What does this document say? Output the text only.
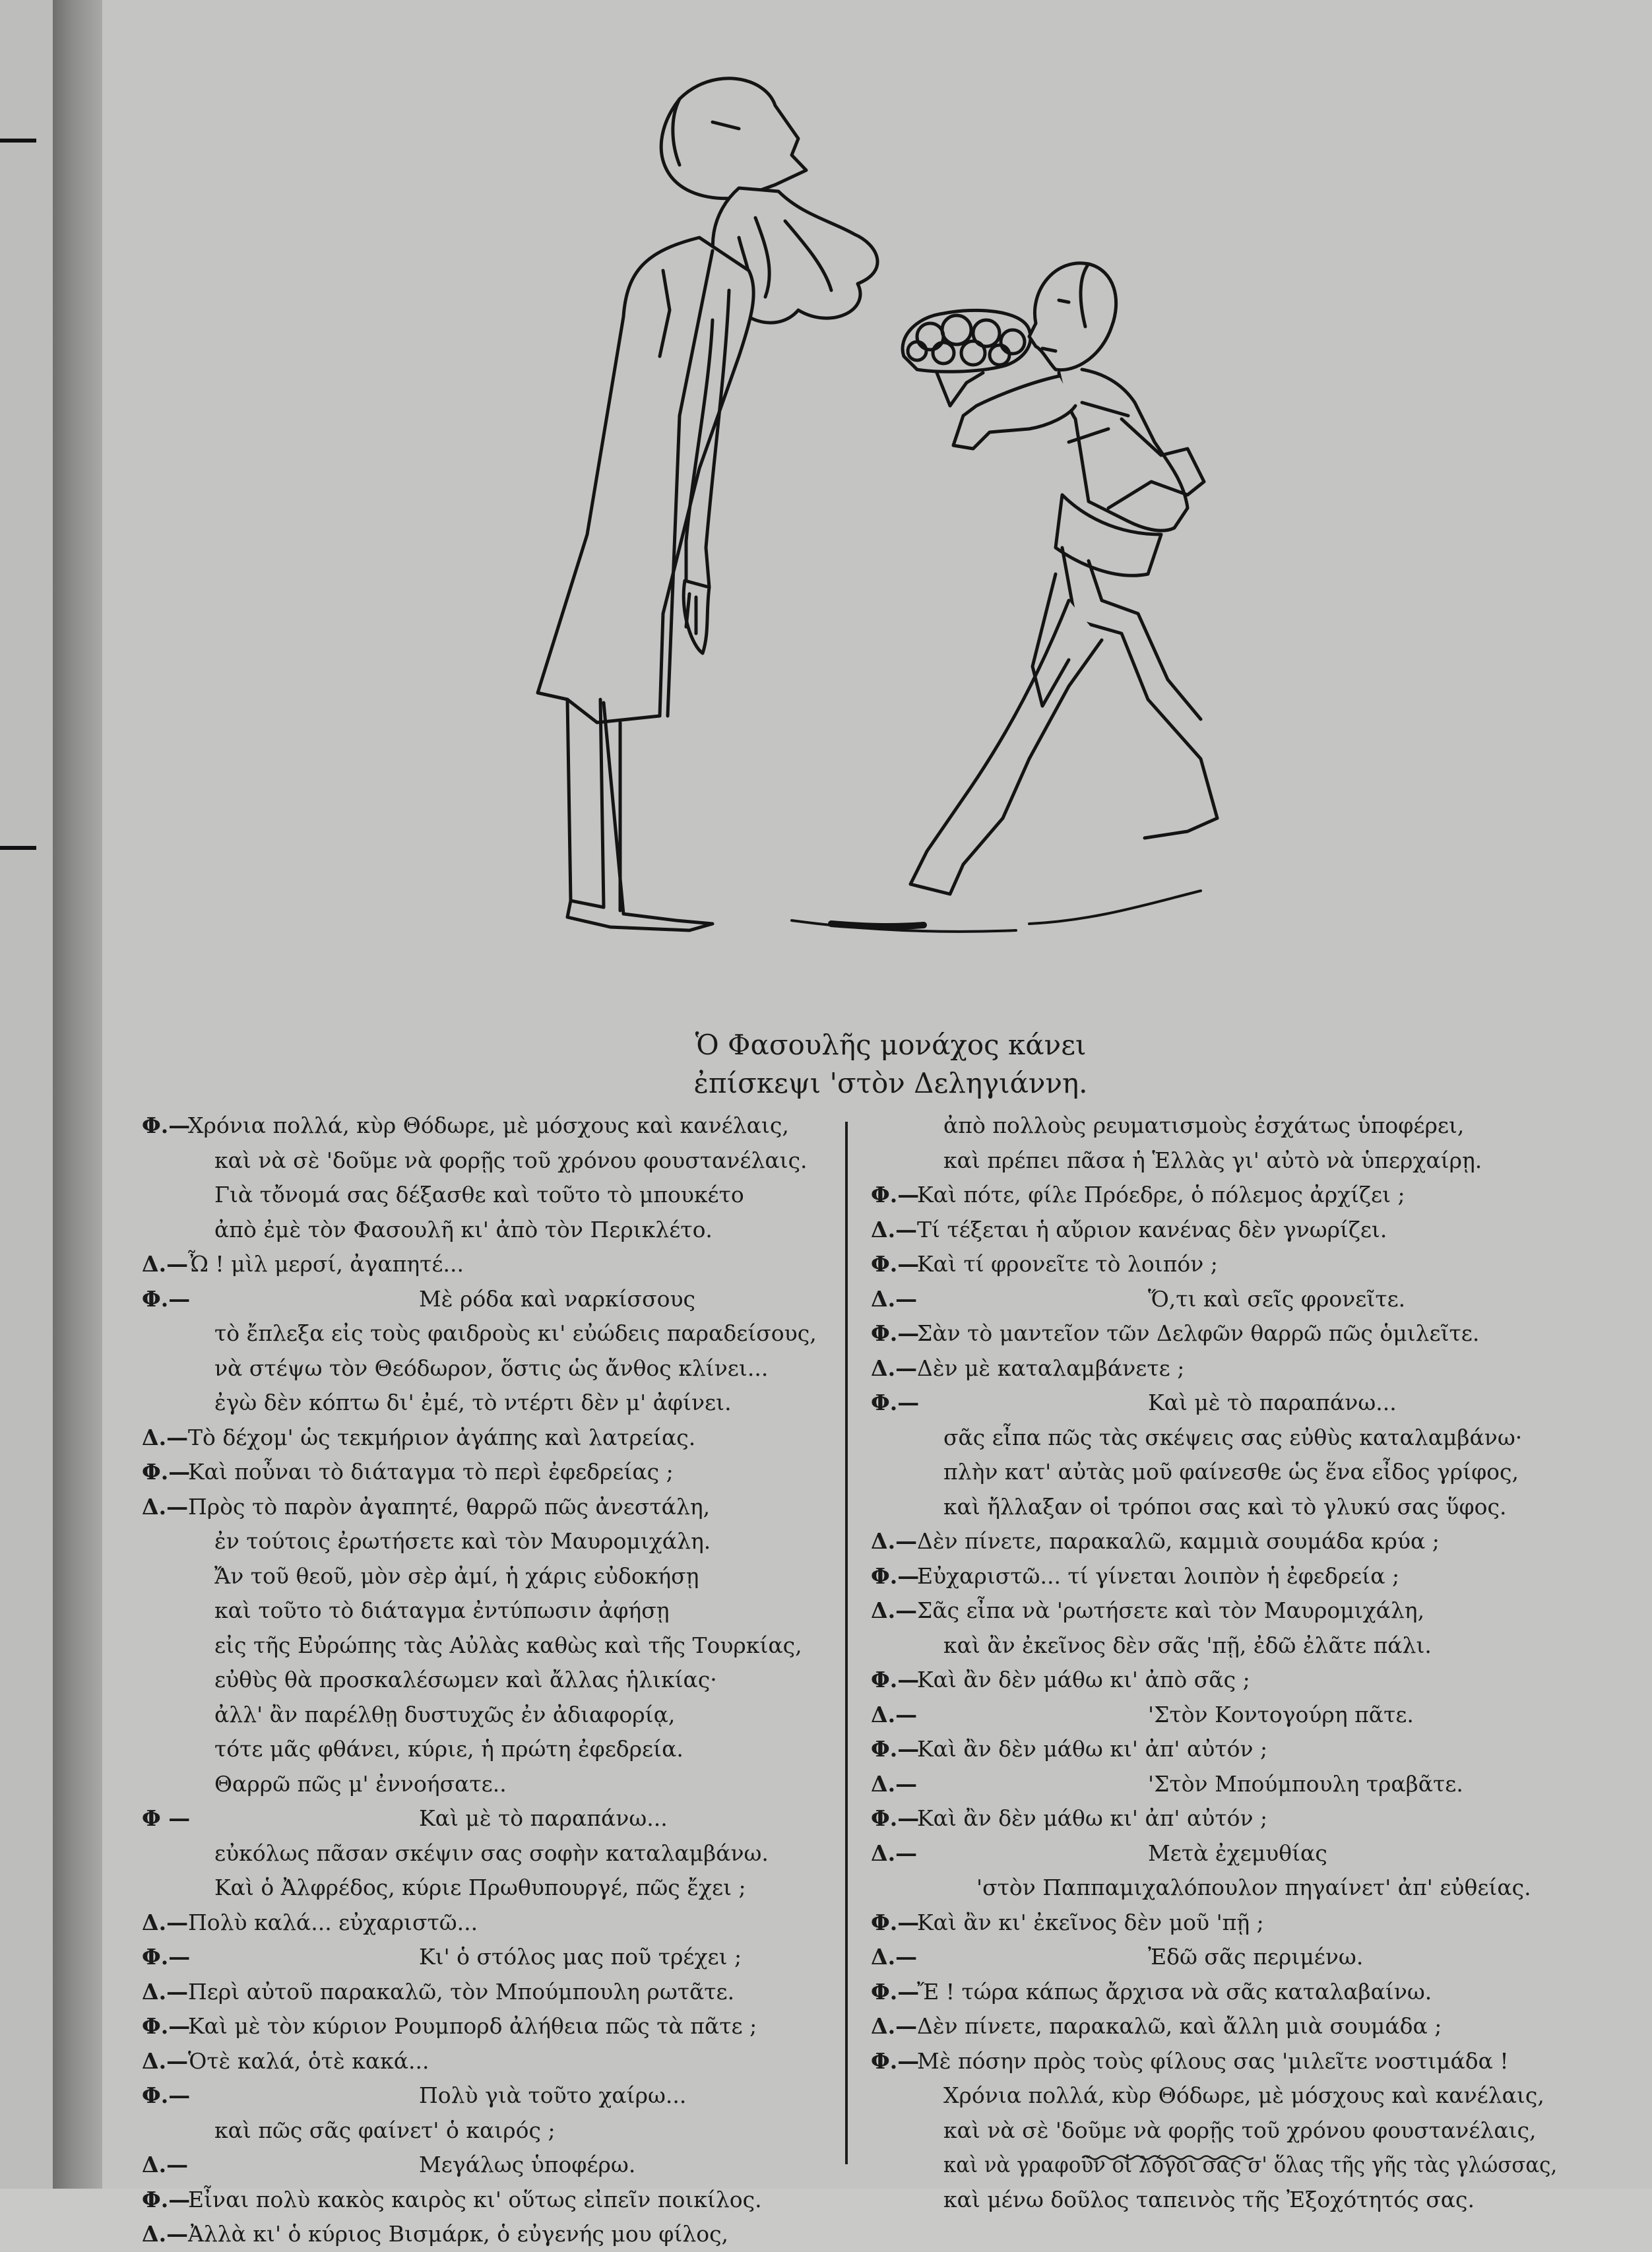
Ὁ Φασουλῆς μονάχος κάνει
ἐπίσκεψι 'στὸν Δεληγιάννη.
Φ.—
Χρόνια πολλά, κὺρ Θόδωρε, μὲ μόσχους καὶ κανέλαις,
καὶ νὰ σὲ 'δοῦμε νὰ φορῇς τοῦ χρόνου φουστανέλαις.
Γιὰ τὄνομά σας δέξασθε καὶ τοῦτο τὸ μπουκέτο
ἀπὸ ἐμὲ τὸν Φασουλῆ κι' ἀπὸ τὸν Περικλέτο.
Δ.— Ὦ ! μὶλ μερσί, ἀγαπητέ...
Φ.—	Μὲ ρόδα καὶ ναρκίσσους
τὸ ἔπλεξα εἰς τοὺς φαιδροὺς κι' εὐώδεις παραδείσους,
νὰ στέψω τὸν Θεόδωρον, ὅστις ὡς ἄνθος κλίνει...
ἐγὼ δὲν κόπτω δι' ἐμέ, τὸ ντέρτι δὲν μ' ἀφίνει.
Δ.— Τὸ δέχομ' ὡς τεκμήριον ἀγάπης καὶ λατρείας.
Φ.—
Καὶ ποὖναι τὸ διάταγμα τὸ περὶ ἐφεδρείας ;
Δ.— Πρὸς τὸ παρὸν ἀγαπητέ, θαρρῶ πῶς ἀνεστάλη,
ἐν τούτοις ἐρωτήσετε καὶ τὸν Μαυρομιχάλη.
Ἄν τοῦ θεοῦ, μὸν σὲρ ἀμί, ἡ χάρις εὐδοκήσῃ
καὶ τοῦτο τὸ διάταγμα ἐντύπωσιν ἀφήσῃ
εἰς τῆς Εὐρώπης τὰς Αὐλὰς καθὼς καὶ τῆς Τουρκίας,
εὐθὺς θὰ προσκαλέσωμεν καὶ ἄλλας ἡλικίας·
ἀλλ' ἂν παρέλθῃ δυστυχῶς ἐν ἀδιαφορίᾳ,
τότε μᾶς φθάνει, κύριε, ἡ πρώτη ἐφεδρεία.
Θαρρῶ πῶς μ' ἐννοήσατε..
Φ —	Καὶ μὲ τὸ παραπάνω...
εὐκόλως πᾶσαν σκέψιν σας σοφὴν καταλαμβάνω.
Καὶ ὁ Ἀλφρέδος, κύριε Πρωθυπουργέ, πῶς ἔχει ;
Δ.— Πολὺ καλά... εὐχαριστῶ...
Φ.—	Κι' ὁ στόλος μας ποῦ τρέχει ;
Δ.— Περὶ αὐτοῦ παρακαλῶ, τὸν Μπούμπουλη ρωτᾶτε.
Φ.—
Καὶ μὲ τὸν κύριον Ρουμπορδ ἀλήθεια πῶς τὰ πᾶτε ;
Δ.— Ὁτὲ καλά, ὁτὲ κακά...
Φ.—	Πολὺ γιὰ τοῦτο χαίρω...
καὶ πῶς σᾶς φαίνετ' ὁ καιρός ;
Δ.—	Μεγάλως ὑποφέρω.
Φ.—
Εἶναι πολὺ κακὸς καιρὸς κι' οὕτως εἰπεῖν ποικίλος.
Δ.— Ἀλλὰ κι' ὁ κύριος Βισμάρκ, ὁ εὐγενής μου φίλος,
ἀπὸ πολλοὺς ρευματισμοὺς ἐσχάτως ὑποφέρει,
καὶ πρέπει πᾶσα ἡ Ἑλλὰς γι' αὐτὸ νὰ ὑπερχαίρῃ.
Φ.—
Καὶ πότε, φίλε Πρόεδρε, ὁ πόλεμος ἀρχίζει ;
Δ.— Τί τέξεται ἡ αὔριον κανένας δὲν γνωρίζει.
Φ.—
Καὶ τί φρονεῖτε τὸ λοιπόν ;
Δ.—	Ὅ,τι καὶ σεῖς φρονεῖτε.
Φ.—
Σὰν τὸ μαντεῖον τῶν Δελφῶν θαρρῶ πῶς ὁμιλεῖτε.
Δ.— Δὲν μὲ καταλαμβάνετε ;
Φ.—	Καὶ μὲ τὸ παραπάνω...
σᾶς εἶπα πῶς τὰς σκέψεις σας εὐθὺς καταλαμβάνω·
πλὴν κατ' αὐτὰς μοῦ φαίνεσθε ὡς ἕνα εἶδος γρίφος,
καὶ ἤλλαξαν οἱ τρόποι σας καὶ τὸ γλυκύ σας ὕφος.
Δ.— Δὲν πίνετε, παρακαλῶ, καμμιὰ σουμάδα κρύα ;
Φ.—
Εὐχαριστῶ... τί γίνεται λοιπὸν ἡ ἐφεδρεία ;
Δ.— Σᾶς εἶπα νὰ 'ρωτήσετε καὶ τὸν Μαυρομιχάλη,
καὶ ἂν ἐκεῖνος δὲν σᾶς 'πῇ, ἐδῶ ἐλᾶτε πάλι.
Φ.—
Καὶ ἂν δὲν μάθω κι' ἀπὸ σᾶς ;
Δ.—	'Στὸν Κοντογούρη πᾶτε.
Φ.—
Καὶ ἂν δὲν μάθω κι' ἀπ' αὐτόν ;
Δ.—	'Στὸν Μπούμπουλη τραβᾶτε.
Φ.—
Καὶ ἂν δὲν μάθω κι' ἀπ' αὐτόν ;
Δ.—	Μετὰ ἐχεμυθίας
'στὸν Παππαμιχαλόπουλον πηγαίνετ' ἀπ' εὐθείας.
Φ.—
Καὶ ἂν κι' ἐκεῖνος δὲν μοῦ 'πῇ ;
Δ.—	Ἐδῶ σᾶς περιμένω.
Φ.—
Ἔ ! τώρα κάπως ἄρχισα νὰ σᾶς καταλαβαίνω.
Δ.— Δὲν πίνετε, παρακαλῶ, καὶ ἄλλη μιὰ σουμάδα ;
Φ.—
Μὲ πόσην πρὸς τοὺς φίλους σας 'μιλεῖτε νοστιμάδα !
Χρόνια πολλά, κὺρ Θόδωρε, μὲ μόσχους καὶ κανέλαις,
καὶ νὰ σὲ 'δοῦμε νὰ φορῇς τοῦ χρόνου φουστανέλαις,
καὶ νὰ γραφοῦν οἱ λόγοι σας σ' ὅλας τῆς γῆς τὰς γλώσσας,
καὶ μένω δοῦλος ταπεινὸς τῆς Ἐξοχότητός σας.
